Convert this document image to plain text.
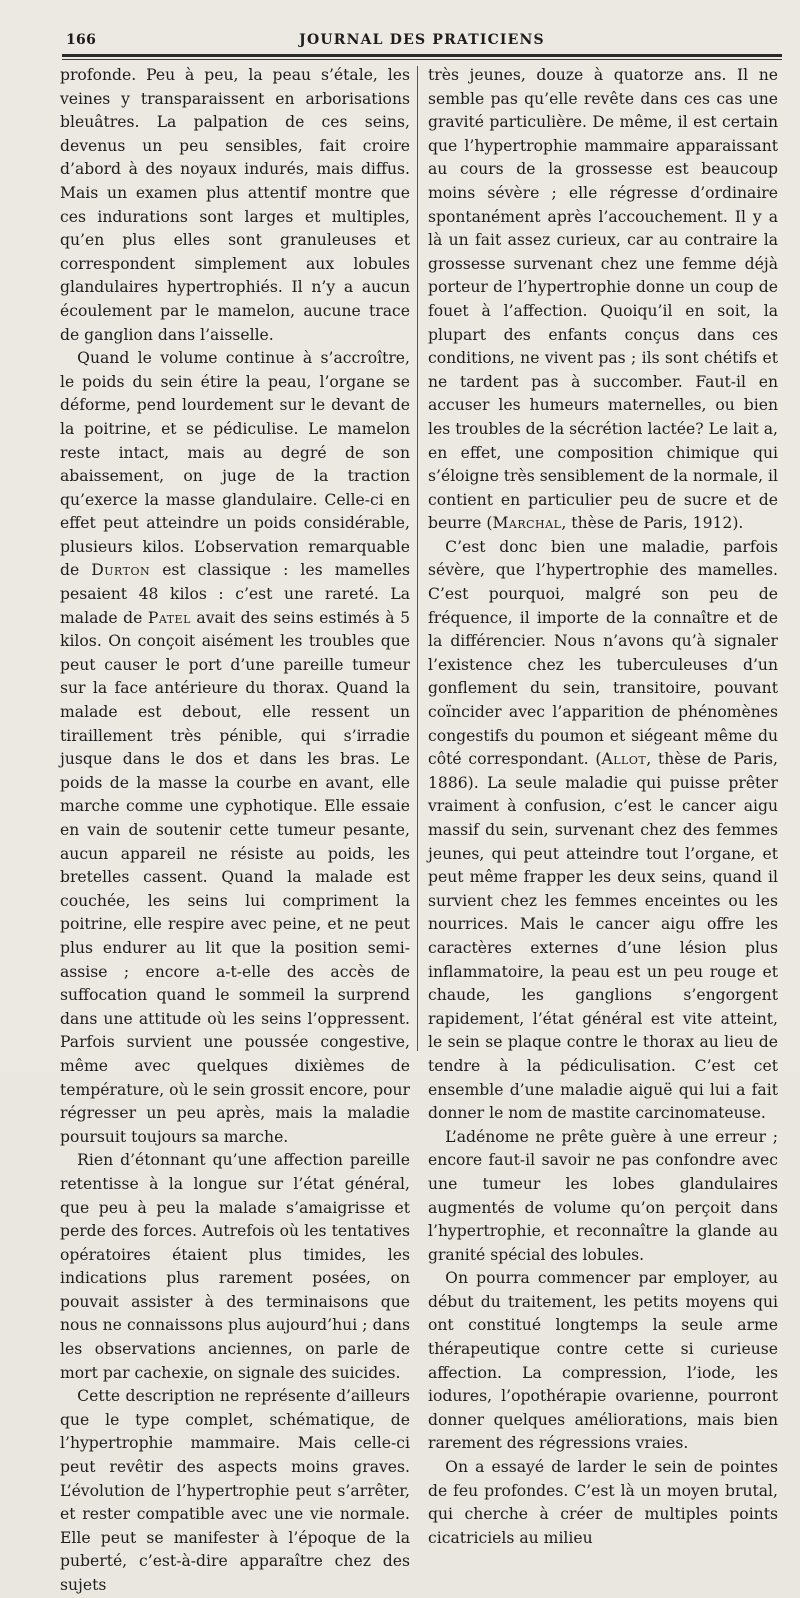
166	JOURNAL DES PRATICIENS

profonde. Peu à peu, la peau s’étale, les veines y transparaissent en arborisations bleuâtres. La palpation de ces seins, devenus un peu sensibles, fait croire d’abord à des noyaux indurés, mais diffus. Mais un examen plus attentif montre que ces indurations sont larges et multiples, qu’en plus elles sont granuleuses et correspondent simplement aux lobules glandulaires hypertrophiés. Il n’y a aucun écoulement par le mamelon, aucune trace de ganglion dans l’aisselle.

Quand le volume continue à s’accroître, le poids du sein étire la peau, l’organe se déforme, pend lourdement sur le devant de la poitrine, et se pédiculise. Le mamelon reste intact, mais au degré de son abaissement, on juge de la traction qu’exerce la masse glandulaire. Celle-ci en effet peut atteindre un poids considérable, plusieurs kilos. L’observation remarquable de Durton est classique : les mamelles pesaient 48 kilos : c’est une rareté. La malade de Patel avait des seins estimés à 5 kilos. On conçoit aisément les troubles que peut causer le port d’une pareille tumeur sur la face antérieure du thorax. Quand la malade est debout, elle ressent un tiraillement très pénible, qui s’irradie jusque dans le dos et dans les bras. Le poids de la masse la courbe en avant, elle marche comme une cyphotique. Elle essaie en vain de soutenir cette tumeur pesante, aucun appareil ne résiste au poids, les bretelles cassent. Quand la malade est couchée, les seins lui compriment la poitrine, elle respire avec peine, et ne peut plus endurer au lit que la position semi-assise ; encore a-t-elle des accès de suffocation quand le sommeil la surprend dans une attitude où les seins l’oppressent. Parfois survient une poussée congestive, même avec quelques dixièmes de température, où le sein grossit encore, pour régresser un peu après, mais la maladie poursuit toujours sa marche.

Rien d’étonnant qu’une affection pareille retentisse à la longue sur l’état général, que peu à peu la malade s’amaigrisse et perde des forces. Autrefois où les tentatives opératoires étaient plus timides, les indications plus rarement posées, on pouvait assister à des terminaisons que nous ne connaissons plus aujourd’hui ; dans les observations anciennes, on parle de mort par cachexie, on signale des suicides.

Cette description ne représente d’ailleurs que le type complet, schématique, de l’hypertrophie mammaire. Mais celle-ci peut revêtir des aspects moins graves. L’évolution de l’hypertrophie peut s’arrêter, et rester compatible avec une vie normale. Elle peut se manifester à l’époque de la puberté, c’est-à-dire apparaître chez des sujets

très jeunes, douze à quatorze ans. Il ne semble pas qu’elle revête dans ces cas une gravité particulière. De même, il est certain que l’hypertrophie mammaire apparaissant au cours de la grossesse est beaucoup moins sévère ; elle régresse d’ordinaire spontanément après l’accouchement. Il y a là un fait assez curieux, car au contraire la grossesse survenant chez une femme déjà porteur de l’hypertrophie donne un coup de fouet à l’affection. Quoiqu’il en soit, la plupart des enfants conçus dans ces conditions, ne vivent pas ; ils sont chétifs et ne tardent pas à succomber. Faut-il en accuser les humeurs maternelles, ou bien les troubles de la sécrétion lactée? Le lait a, en effet, une composition chimique qui s’éloigne très sensiblement de la normale, il contient en particulier peu de sucre et de beurre (Marchal, thèse de Paris, 1912).

C’est donc bien une maladie, parfois sévère, que l’hypertrophie des mamelles. C’est pourquoi, malgré son peu de fréquence, il importe de la connaître et de la différencier. Nous n’avons qu’à signaler l’existence chez les tuberculeuses d’un gonflement du sein, transitoire, pouvant coïncider avec l’apparition de phénomènes congestifs du poumon et siégeant même du côté correspondant. (Allot, thèse de Paris, 1886). La seule maladie qui puisse prêter vraiment à confusion, c’est le cancer aigu massif du sein, survenant chez des femmes jeunes, qui peut atteindre tout l’organe, et peut même frapper les deux seins, quand il survient chez les femmes enceintes ou les nourrices. Mais le cancer aigu offre les caractères externes d’une lésion plus inflammatoire, la peau est un peu rouge et chaude, les ganglions s’engorgent rapidement, l’état général est vite atteint, le sein se plaque contre le thorax au lieu de tendre à la pédiculisation. C’est cet ensemble d’une maladie aiguë qui lui a fait donner le nom de mastite carcinomateuse.

L’adénome ne prête guère à une erreur ; encore faut-il savoir ne pas confondre avec une tumeur les lobes glandulaires augmentés de volume qu’on perçoit dans l’hypertrophie, et reconnaître la glande au granité spécial des lobules.

On pourra commencer par employer, au début du traitement, les petits moyens qui ont constitué longtemps la seule arme thérapeutique contre cette si curieuse affection. La compression, l’iode, les iodures, l’opothérapie ovarienne, pourront donner quelques améliorations, mais bien rarement des régressions vraies.

On a essayé de larder le sein de pointes de feu profondes. C’est là un moyen brutal, qui cherche à créer de multiples points cicatriciels au milieu
